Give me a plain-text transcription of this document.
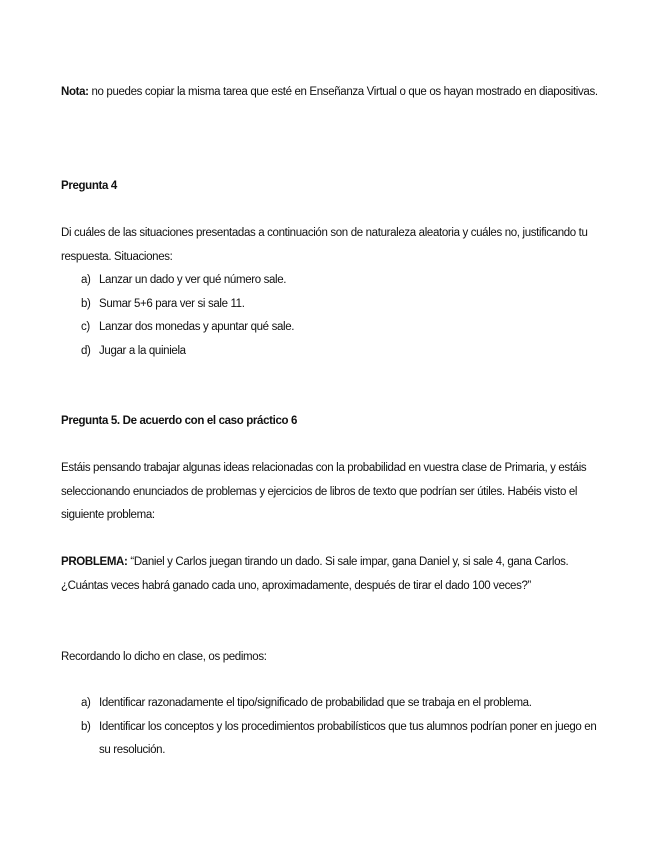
Nota: no puedes copiar la misma tarea que esté en Enseñanza Virtual o que os hayan mostrado en diapositivas.

Pregunta 4

Di cuáles de las situaciones presentadas a continuación son de naturaleza aleatoria y cuáles no, justificando tu respuesta. Situaciones:

a) Lanzar un dado y ver qué número sale.
b) Sumar 5+6 para ver si sale 11.
c) Lanzar dos monedas y apuntar qué sale.
d) Jugar a la quiniela

Pregunta 5. De acuerdo con el caso práctico 6

Estáis pensando trabajar algunas ideas relacionadas con la probabilidad en vuestra clase de Primaria, y estáis seleccionando enunciados de problemas y ejercicios de libros de texto que podrían ser útiles. Habéis visto el siguiente problema:

PROBLEMA: “Daniel y Carlos juegan tirando un dado. Si sale impar, gana Daniel y, si sale 4, gana Carlos. ¿Cuántas veces habrá ganado cada uno, aproximadamente, después de tirar el dado 100 veces?”

Recordando lo dicho en clase, os pedimos:

a) Identificar razonadamente el tipo/significado de probabilidad que se trabaja en el problema.
b) Identificar los conceptos y los procedimientos probabilísticos que tus alumnos podrían poner en juego en su resolución.
